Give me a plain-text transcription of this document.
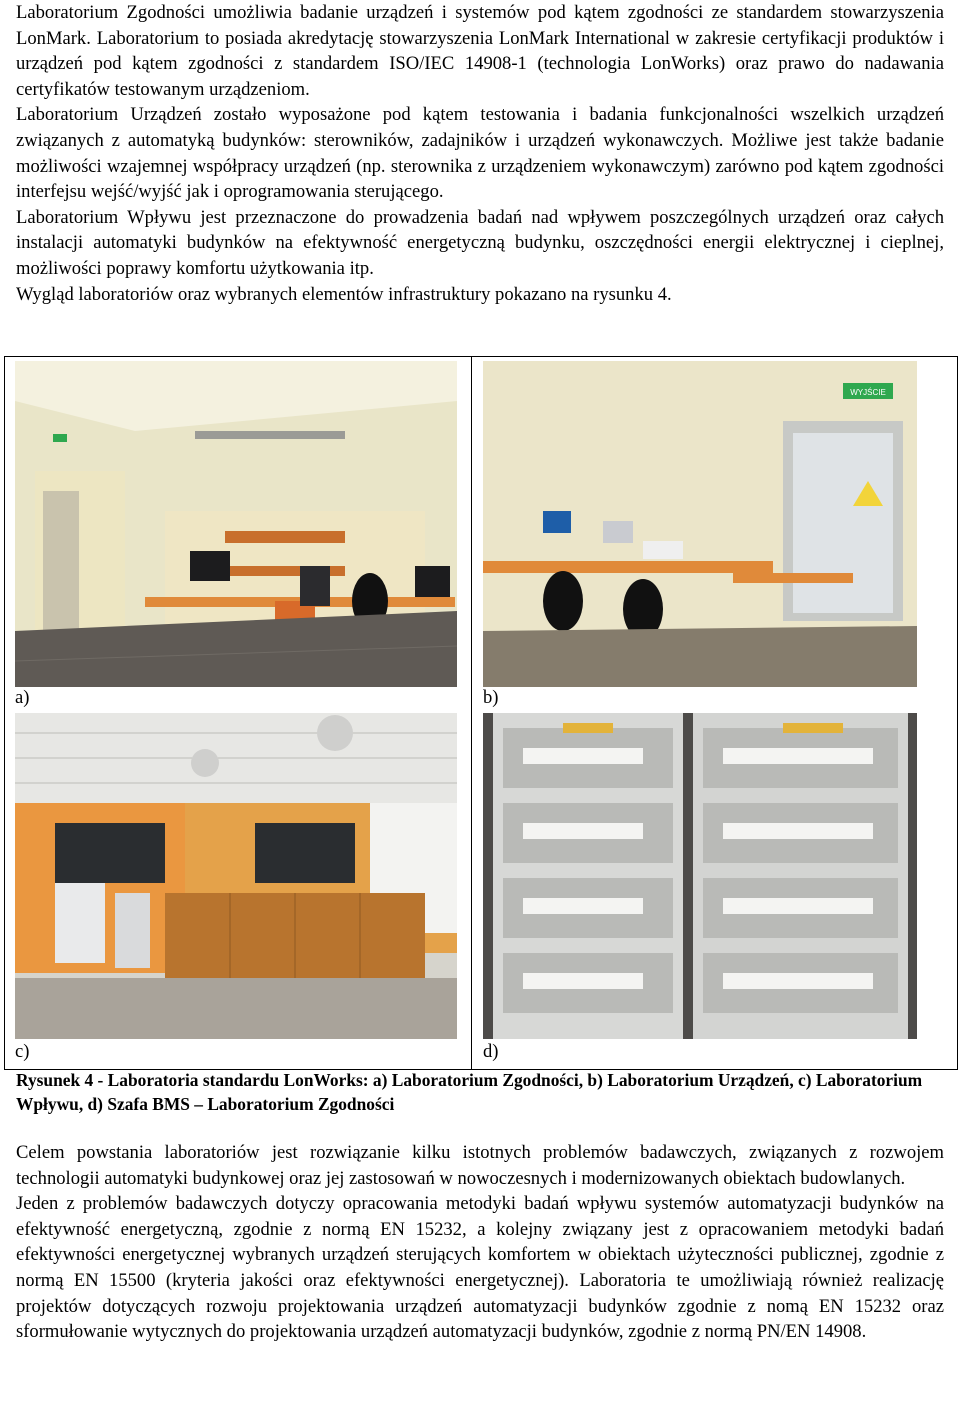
Laboratorium Zgodności umożliwia badanie urządzeń i systemów pod kątem zgodności ze standardem stowarzyszenia LonMark. Laboratorium to posiada akredytację stowarzyszenia LonMark International w zakresie certyfikacji produktów i urządzeń pod kątem zgodności z standardem ISO/IEC 14908-1 (technologia LonWorks) oraz prawo do nadawania certyfikatów testowanym urządzeniom.

Laboratorium Urządzeń zostało wyposażone pod kątem testowania i badania funkcjonalności wszelkich urządzeń związanych z automatyką budynków: sterowników, zadajników i urządzeń wykonawczych. Możliwe jest także badanie możliwości wzajemnej współpracy urządzeń (np. sterownika z urządzeniem wykonawczym) zarówno pod kątem zgodności interfejsu wejść/wyjść jak i oprogramowania sterującego.

Laboratorium Wpływu jest przeznaczone do prowadzenia badań nad wpływem poszczególnych urządzeń oraz całych instalacji automatyki budynków na efektywność energetyczną budynku, oszczędności energii elektrycznej i cieplnej, możliwości poprawy komfortu użytkowania itp.

Wygląd laboratoriów oraz wybranych elementów infrastruktury pokazano na rysunku 4.

a)
WYJŚCIE
b)
c)	d)
Rysunek 4 - Laboratoria standardu LonWorks: a) Laboratorium Zgodności, b) Laboratorium Urządzeń, c) Laboratorium Wpływu, d) Szafa BMS – Laboratorium Zgodności

Celem powstania laboratoriów jest rozwiązanie kilku istotnych problemów badawczych, związanych z rozwojem technologii automatyki budynkowej oraz jej zastosowań w nowoczesnych i modernizowanych obiektach budowlanych.

Jeden z problemów badawczych dotyczy opracowania metodyki badań wpływu systemów automatyzacji budynków na efektywność energetyczną, zgodnie z normą EN 15232, a kolejny związany jest z opracowaniem metodyki badań efektywności energetycznej wybranych urządzeń sterujących komfortem w obiektach użyteczności publicznej, zgodnie z normą EN 15500 (kryteria jakości oraz efektywności energetycznej). Laboratoria te umożliwiają również realizację projektów dotyczących rozwoju projektowania urządzeń automatyzacji budynków zgodnie z nomą EN 15232 oraz sformułowanie wytycznych do projektowania urządzeń automatyzacji budynków, zgodnie z normą PN/EN 14908.
